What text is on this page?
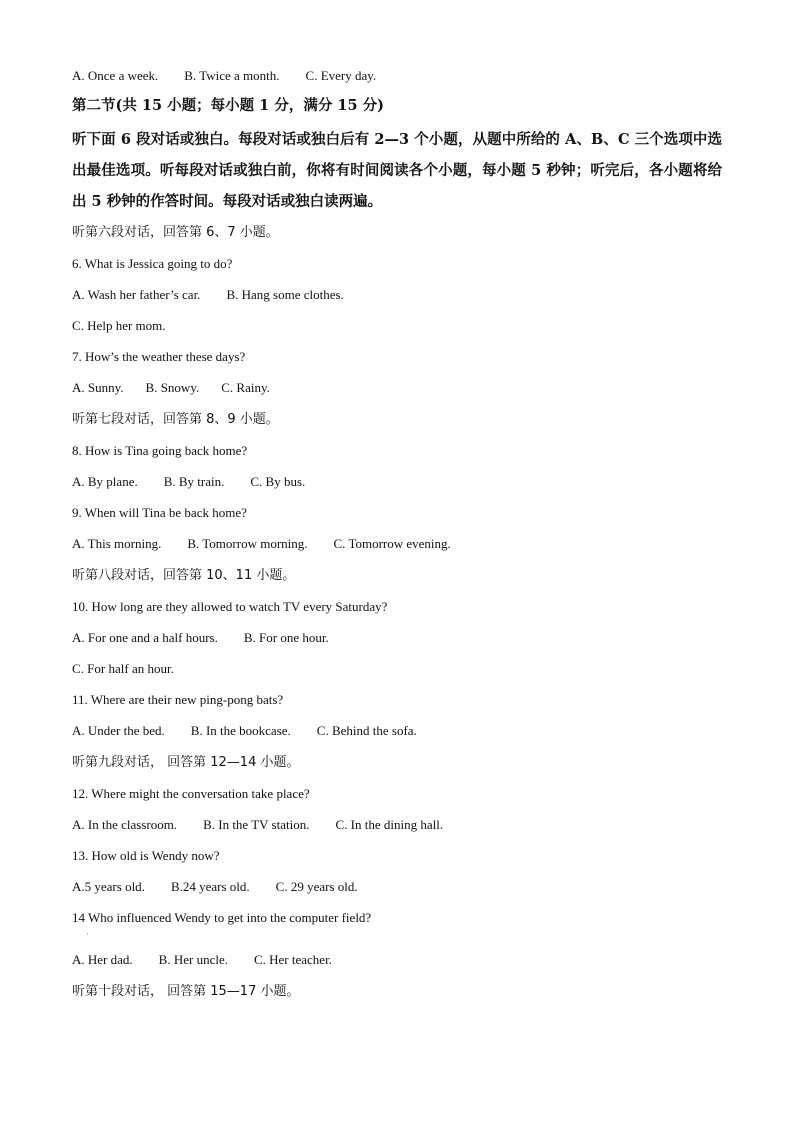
A. Once a week. B. Twice a month. C. Every day.
第二节(共 15 小题；每小题 1 分，满分 15 分)
听下面 6 段对话或独白。每段对话或独白后有 2—3 个小题，从题中所给的 A、B、C 三个选项中选出最佳选项。听每段对话或独白前，你将有时间阅读各个小题，每小题 5 秒钟；听完后，各小题将给出 5 秒钟的作答时间。每段对话或独白读两遍。
听第六段对话，回答第 6、7 小题。
6. What is Jessica going to do?
A. Wash her father’s car. B. Hang some clothes.
C. Help her mom.
7. How’s the weather these days?
A. Sunny. B. Snowy. C. Rainy.
听第七段对话，回答第 8、9 小题。
8. How is Tina going back home?
A. By plane. B. By train. C. By bus.
9. When will Tina be back home?
A. This morning. B. Tomorrow morning. C. Tomorrow evening.
听第八段对话，回答第 10、11 小题。
10. How long are they allowed to watch TV every Saturday?
A. For one and a half hours. B. For one hour.
C. For half an hour.
11. Where are their new ping-pong bats?
A. Under the bed. B. In the bookcase. C. Behind the sofa.
听第九段对话， 回答第 12—14 小题。
12. Where might the conversation take place?
A. In the classroom. B. In the TV station. C. In the dining hall.
13. How old is Wendy now?
A.5 years old. B.24 years old. C. 29 years old.
14 Who influenced Wendy to get into the computer field?
·
A. Her dad. B. Her uncle. C. Her teacher.
听第十段对话， 回答第 15—17 小题。
